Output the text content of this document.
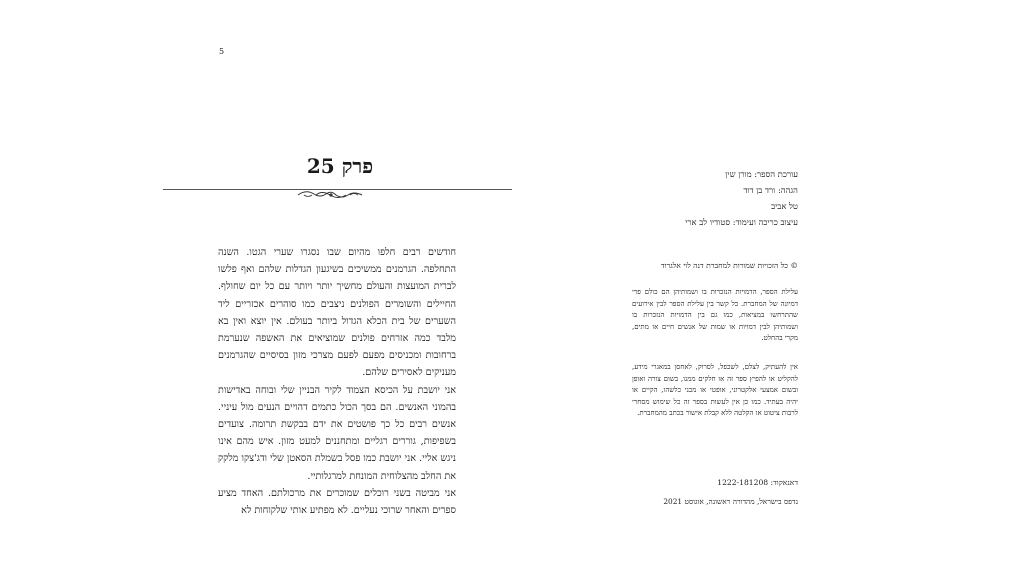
5
פרק 25

חודשים רבים חלפו מהיום שבו נסגרו שערי הגטו. השנה התחלפה. הגרמנים ממשיכים בשיגעון הגדלות שלהם ואף פלשו לברית המועצות והעולם מחשיך יותר ויותר עם כל יום שחולף. החיילים והשומרים הפולנים ניצבים כמו סוהרים אכזריים ליד השערים של בית הכלא הגדול ביותר בעולם. אין יוצא ואין בא מלבד כמה אזרחים פולנים שמוציאים את האשפה שנערמת ברחובות ומכניסים מפעם לפעם מצרכי מזון בסיסיים שהגרמנים מעניקים לאסירים שלהם.

אני יושבת על הכיסא הצמוד לקיר הבניין שלי ובוחה באדישות בהמוני האנשים. הם בסך הכול כתמים דהויים הנעים מול עיניי. אנשים רבים כל כך פושטים את ידם בבקשת תרומה. צועדים בשפיפות, גוררים רגליים ומתחננים למעט מזון. איש מהם אינו ניגש אליי. אני יושבת כמו פסל בשמלת הסאטן שלי ודג'צקו מלקק את החלב מהצלוחית המונחת למרגלותיי.

אני מביטה בשני רוכלים שמוכרים את מרכולתם. האחד מציע ספרים והאחר שרוכי נעליים. לא מפתיע אותי שלקוחות לא

עורכת הספר: מורן שין
הגהה: ורד בן דוד
טל אביב
עיצוב כריכה ועימוד: סטודיו לב ארי
© כל הזכויות שמורות למחברת דנה לוי אלגרוד
עלילת הספר, הדמויות הנזכרות בו ושמותיהן הם כולם פרי דמיונה של המחברת. כל קשר בין עלילת הספר לבין אירועים שהתרחשו במציאות, כמו גם בין הדמויות הנזכרות בו ושמותיהן לבין דמויות או שמות של אנשים חיים או מתים, מקרי בהחלט.
אין להעתיק, לצלם, לשכפל, לסרוק, לאחסן במאגרי מידע, להקליט או להפיץ ספר זה או חלקים ממנו, בשום צורה ואופן ובשום אמצעי אלקטרוני, אופטי או מכני כלשהו, הקיים או יהיה בעתיד. כמו כן אין לעשות בספר זה כל שימוש מסחרי לרבות ציטוט או הקלטה ללא קבלת אישור בכתב מהמחברת.
דאנאקוד: 1222-181208
נדפס בישראל, מהדורה ראשונה, אוגוסט 2021
